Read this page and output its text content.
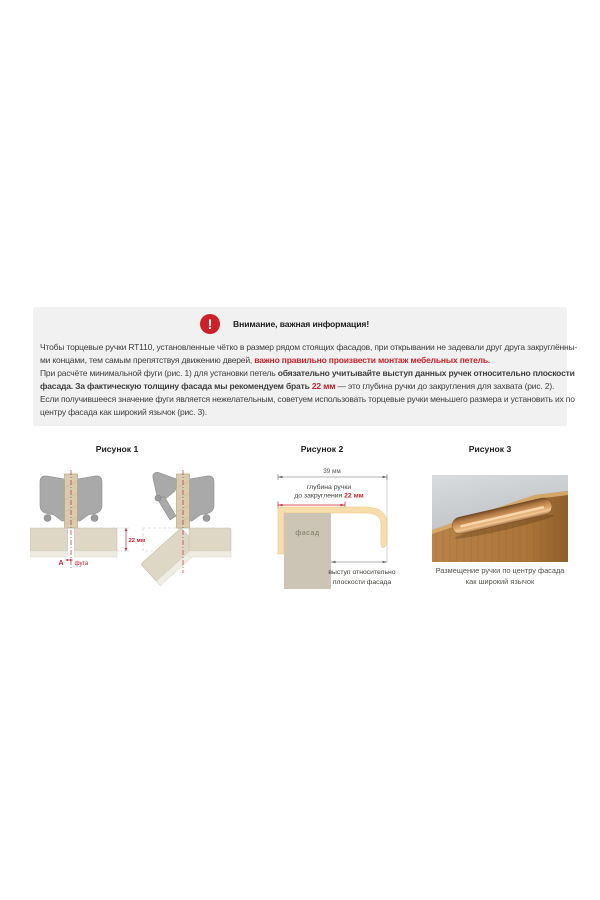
!	Внимание, важная информация!
Чтобы торцевые ручки RT110, установленные чётко в размер рядом стоящих фасадов, при открывании не задевали друг друга закруглённы-
ми концами, тем самым препятствуя движению дверей, важно правильно произвести монтаж мебельных петель.
При расчёте минимальной фуги (рис. 1) для установки петель обязательно учитывайте выступ данных ручек относительно плоскости
фасада. За фактическую толщину фасада мы рекомендуем брать 22 мм — это глубина ручки до закругления для захвата (рис. 2).
Если получившееся значение фуги является нежелательным, советуем использовать торцевые ручки меньшего размера и установить их по
центру фасада как широкий язычок (рис. 3).
Рисунок 1	Рисунок 2	Рисунок 3
22 мм
A фуга
39 мм
глубина ручки
до закругления 22 мм
фасад
выступ относительно
плоскости фасада
Размещение ручки по центру фасада
как широкий язычок
